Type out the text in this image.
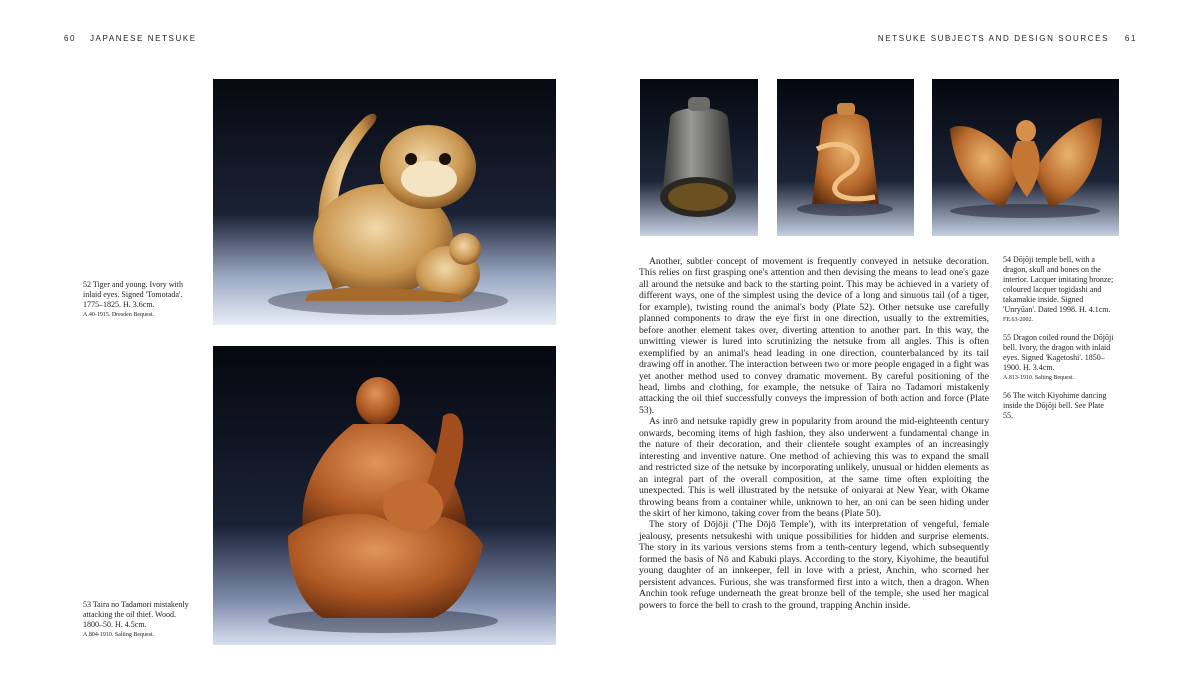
60 JAPANESE NETSUKE	NETSUKE SUBJECTS AND DESIGN SOURCES 61
52 Tiger and young. Ivory with inlaid eyes. Signed 'Tomotada'. 1775–1825. H. 3.6cm.
A.40-1915. Dresden Bequest.
53 Taira no Tadamori mistakenly attacking the oil thief. Wood. 1800–50. H. 4.5cm.
A.804-1910. Salting Bequest.

Another, subtler concept of movement is frequently conveyed in netsuke decoration. This relies on first grasping one's attention and then devising the means to lead one's gaze all around the netsuke and back to the starting point. This may be achieved in a variety of different ways, one of the simplest using the device of a long and sinuous tail (of a tiger, for example), twisting round the animal's body (Plate 52). Other netsuke use carefully planned components to draw the eye first in one direction, usually to the extremities, before another element takes over, diverting attention to another part. In this way, the unwitting viewer is lured into scrutinizing the netsuke from all angles. This is often exemplified by an animal's head leading in one direction, counterbalanced by its tail drawing off in another. The interaction between two or more people engaged in a fight was yet another method used to convey dramatic movement. By careful positioning of the head, limbs and clothing, for example, the netsuke of Taira no Tadamori mistakenly attacking the oil thief successfully conveys the impression of both action and force (Plate 53).

As inrō and netsuke rapidly grew in popularity from around the mid-eighteenth century onwards, becoming items of high fashion, they also underwent a fundamental change in the nature of their decoration, and their clientele sought examples of an increasingly interesting and inventive nature. One method of achieving this was to expand the small and restricted size of the netsuke by incorporating unlikely, unusual or hidden elements as an integral part of the overall composition, at the same time often exploiting the unexpected. This is well illustrated by the netsuke of oniyarai at New Year, with Okame throwing beans from a container while, unknown to her, an oni can be seen hiding under the skirt of her kimono, taking cover from the beans (Plate 50).

The story of Dōjōji ('The Dōjō Temple'), with its interpretation of vengeful, female jealousy, presents netsukeshi with unique possibilities for hidden and surprise elements. The story in its various versions stems from a tenth-century legend, which subsequently formed the basis of Nō and Kabuki plays. According to the story, Kiyohime, the beautiful young daughter of an innkeeper, fell in love with a priest, Anchin, who scorned her persistent advances. Furious, she was transformed first into a witch, then a dragon. When Anchin took refuge underneath the great bronze bell of the temple, she used her magical powers to force the bell to crash to the ground, trapping Anchin inside.

54 Dōjōji temple bell, with a dragon, skull and bones on the interior. Lacquer imitating bronze; coloured lacquer togidashi and takamakie inside. Signed 'Unryūan'. Dated 1998. H. 4.1cm.
FE.63-2002.
55 Dragon coiled round the Dōjōji bell. Ivory, the dragon with inlaid eyes. Signed 'Kagetoshi'. 1850–1900. H. 3.4cm.
A.813-1910. Salting Bequest.
56 The witch Kiyohime dancing inside the Dōjōji bell. See Plate 55.
